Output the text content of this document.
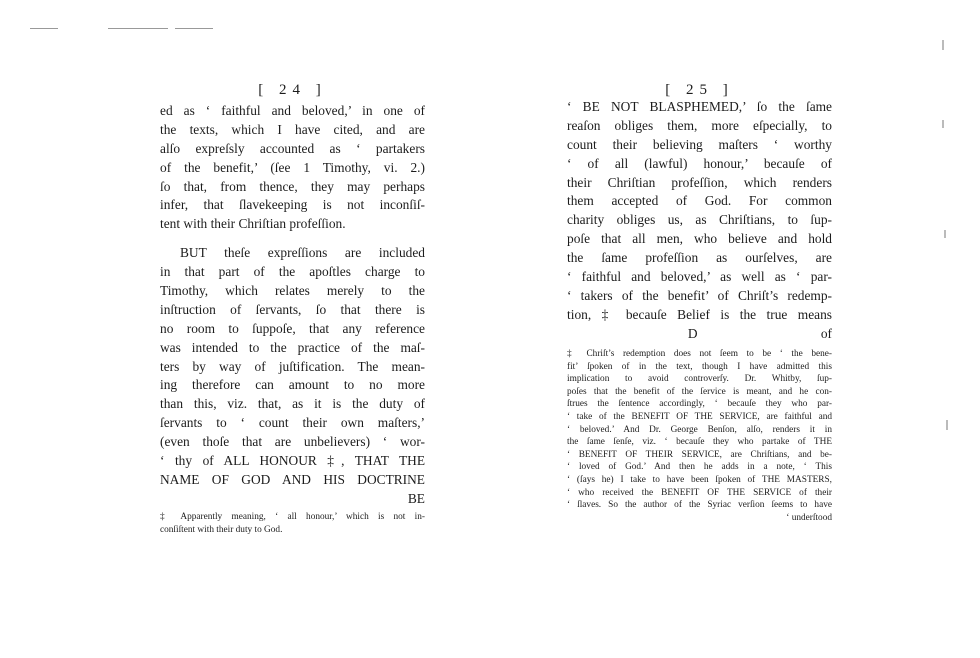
[ 24 ]
ed as ‘ faithful and beloved,’ in one of
the texts, which I have cited, and are
alſo expreſsly accounted as ‘ partakers
of the benefit,’ (ſee 1 Timothy, vi. 2.)
ſo that, from thence, they may perhaps
infer, that ſlavekeeping is not inconſiſ-
tent with their Chriſtian profeſſion.
BUT theſe expreſſions are included
in that part of the apoſtles charge to
Timothy, which relates merely to the
inſtruction of ſervants, ſo that there is
no room to ſuppoſe, that any reference
was intended to the practice of the maſ-
ters by way of juſtification. The mean-
ing therefore can amount to no more
than this, viz. that, as it is the duty of
ſervants to ‘ count their own maſters,’
(even thoſe that are unbelievers) ‘ wor-
‘ thy of ALL HONOUR ‡, THAT THE
NAME OF GOD AND HIS DOCTRINE
BE
‡ Apparently meaning, ‘ all honour,’ which is not in-
conſiſtent with their duty to God.
[ 25 ]
‘ BE NOT BLASPHEMED,’ ſo the ſame
reaſon obliges them, more eſpecially, to
count their believing maſters ‘ worthy
‘ of all (lawful) honour,’ becauſe of
their Chriſtian profeſſion, which renders
them accepted of God. For common
charity obliges us, as Chriſtians, to ſup-
poſe that all men, who believe and hold
the ſame profeſſion as ourſelves, are
‘ faithful and beloved,’ as well as ‘ par-
‘ takers of the benefit’ of Chriſt’s redemp-
tion, ‡ becauſe Belief is the true means
D of
‡ Chriſt’s redemption does not ſeem to be ‘ the bene-
fit’ ſpoken of in the text, though I have admitted this
implication to avoid controverſy. Dr. Whitby, ſup-
poſes that the benefit of the ſervice is meant, and he con-
ſtrues the ſentence accordingly, ‘ becauſe they who par-
‘ take of the BENEFIT OF THE SERVICE, are faithful and
‘ beloved.’ And Dr. George Benſon, alſo, renders it in
the ſame ſenſe, viz. ‘ becauſe they who partake of THE
‘ BENEFIT OF THEIR SERVICE, are Chriſtians, and be-
‘ loved of God.’ And then he adds in a note, ‘ This
‘ (ſays he) I take to have been ſpoken of THE MASTERS,
‘ who received the BENEFIT OF THE SERVICE of their
‘ ſlaves. So the author of the Syriac verſion ſeems to have
‘ underſtood
